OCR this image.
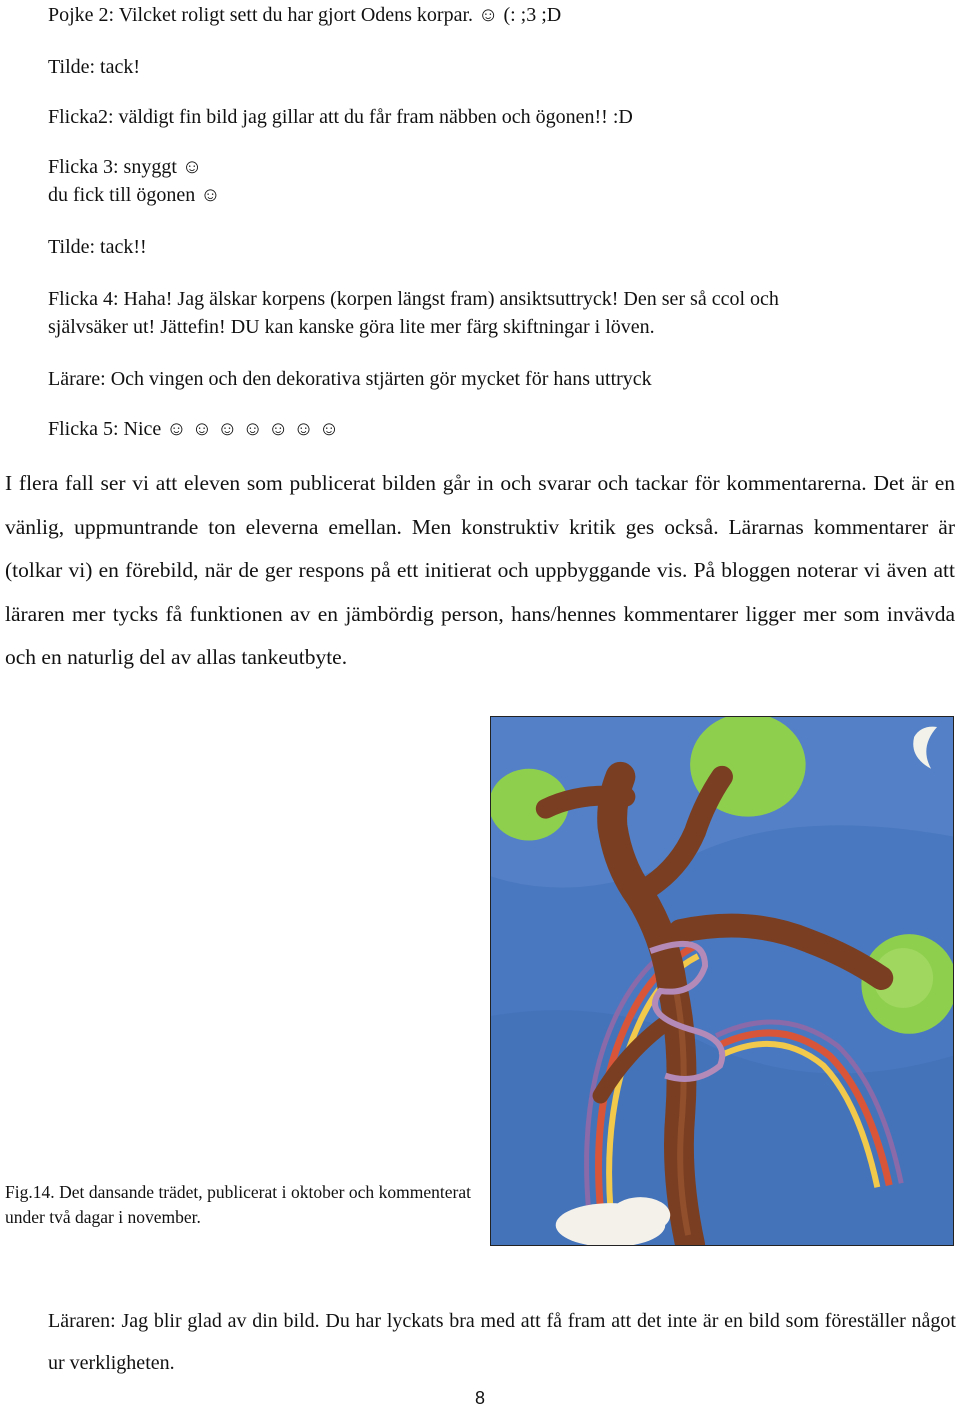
Pojke 2: Vilcket roligt sett du har gjort Odens korpar. ☺ (: ;3 ;D
Tilde: tack!
Flicka2: väldigt fin bild jag gillar att du får fram näbben och ögonen!! :D
Flicka 3: snyggt ☺
du fick till ögonen ☺
Tilde: tack!!
Flicka 4: Haha! Jag älskar korpens (korpen längst fram) ansiktsuttryck! Den ser så ccol och
självsäker ut! Jättefin! DU kan kanske göra lite mer färg skiftningar i löven.
Lärare: Och vingen och den dekorativa stjärten gör mycket för hans uttryck
Flicka 5: Nice ☺ ☺ ☺ ☺ ☺ ☺ ☺

I flera fall ser vi att eleven som publicerat bilden går in och svarar och tackar för kommentarerna. Det är en vänlig, uppmuntrande ton eleverna emellan. Men konstruktiv kritik ges också. Lärarnas kommentarer är (tolkar vi) en förebild, när de ger respons på ett initierat och uppbyggande vis. På bloggen noterar vi även att läraren mer tycks få funktionen av en jämbördig person, hans/hennes kommentarer ligger mer som invävda och en naturlig del av allas tankeutbyte.

Fig.14. Det dansande trädet, publicerat i oktober och kommenterat under två dagar i november.

Läraren: Jag blir glad av din bild. Du har lyckats bra med att få fram att det inte är en bild som föreställer något ur verkligheten.

8
